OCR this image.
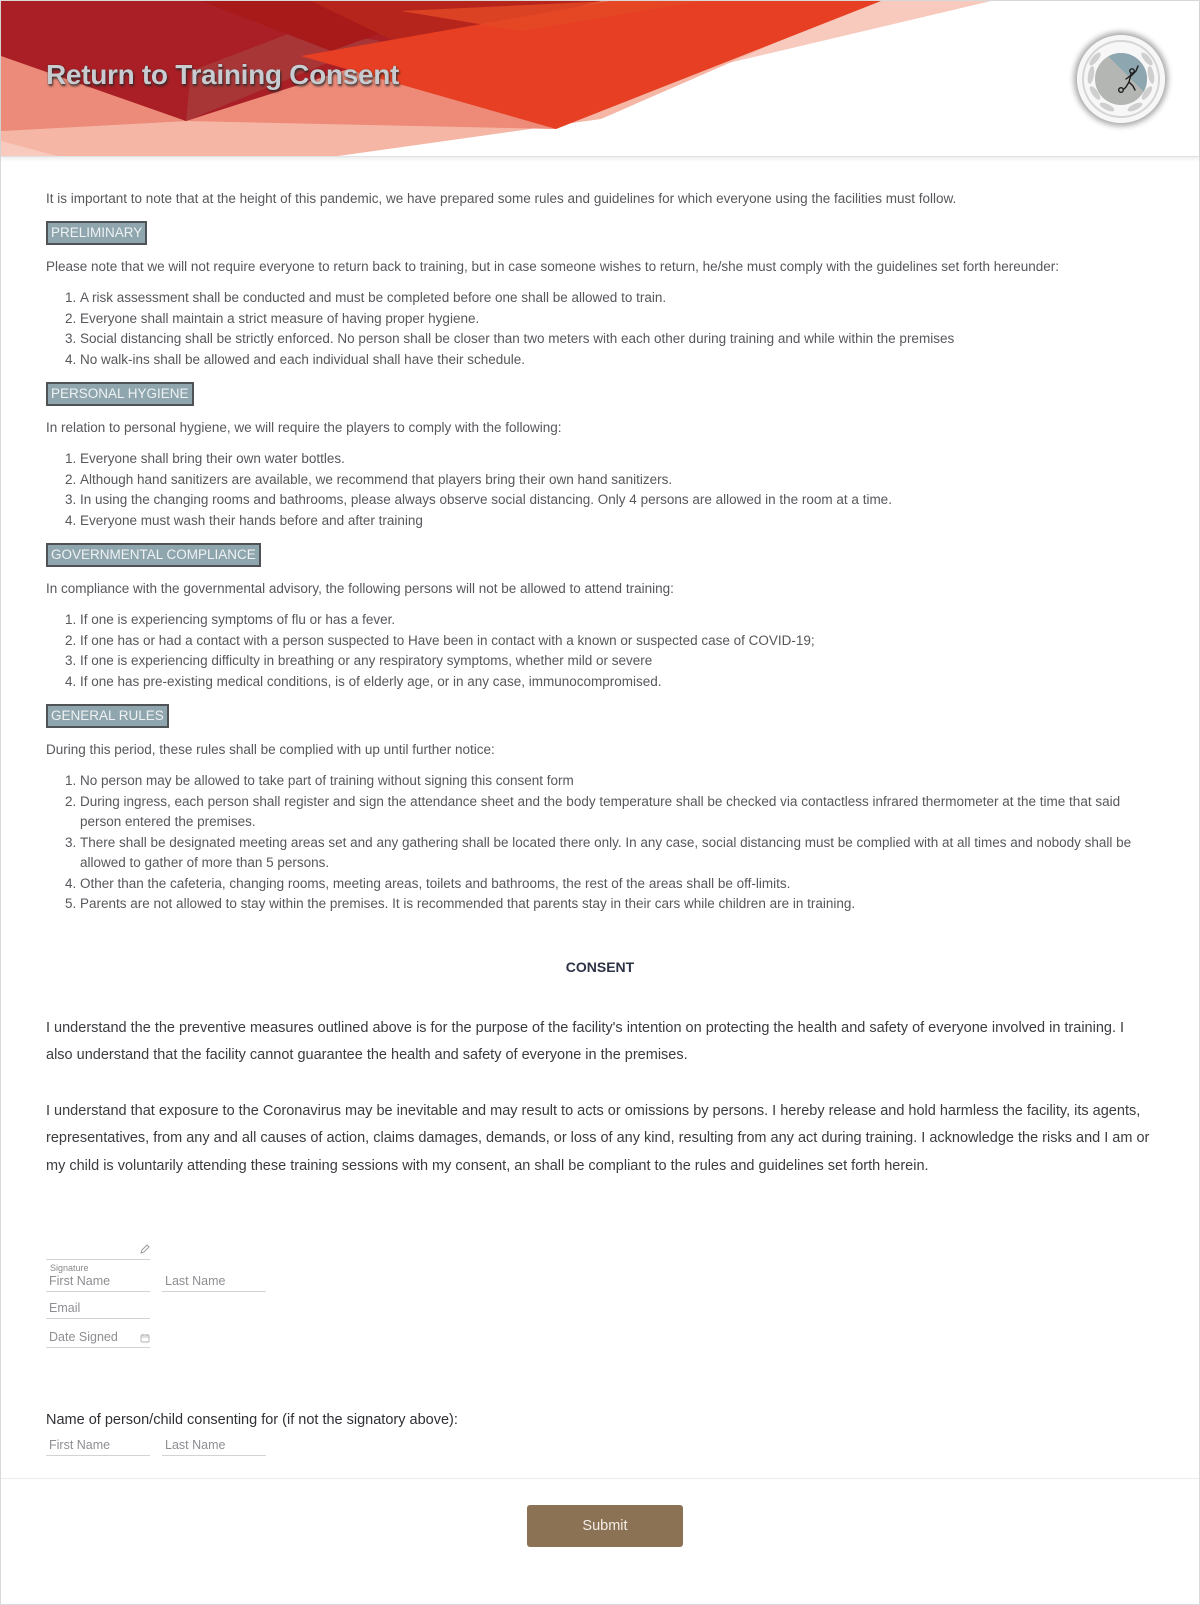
Return to Training Consent

It is important to note that at the height of this pandemic, we have prepared some rules and guidelines for which everyone using the facilities must follow.

PRELIMINARY

Please note that we will not require everyone to return back to training, but in case someone wishes to return, he/she must comply with the guidelines set forth hereunder:

1. A risk assessment shall be conducted and must be completed before one shall be allowed to train.
2. Everyone shall maintain a strict measure of having proper hygiene.
3. Social distancing shall be strictly enforced. No person shall be closer than two meters with each other during training and while within the premises
4. No walk-ins shall be allowed and each individual shall have their schedule.
PERSONAL HYGIENE

In relation to personal hygiene, we will require the players to comply with the following:

1. Everyone shall bring their own water bottles.
2. Although hand sanitizers are available, we recommend that players bring their own hand sanitizers.
3. In using the changing rooms and bathrooms, please always observe social distancing. Only 4 persons are allowed in the room at a time.
4. Everyone must wash their hands before and after training
GOVERNMENTAL COMPLIANCE

In compliance with the governmental advisory, the following persons will not be allowed to attend training:

1. If one is experiencing symptoms of flu or has a fever.
2. If one has or had a contact with a person suspected to Have been in contact with a known or suspected case of COVID-19;
3. If one is experiencing difficulty in breathing or any respiratory symptoms, whether mild or severe
4. If one has pre-existing medical conditions, is of elderly age, or in any case, immunocompromised.
GENERAL RULES

During this period, these rules shall be complied with up until further notice:

1. No person may be allowed to take part of training without signing this consent form
2. During ingress, each person shall register and sign the attendance sheet and the body temperature shall be checked via contactless infrared thermometer at the time that said person entered the premises.
3. There shall be designated meeting areas set and any gathering shall be located there only. In any case, social distancing must be complied with at all times and nobody shall be allowed to gather of more than 5 persons.
4. Other than the cafeteria, changing rooms, meeting areas, toilets and bathrooms, the rest of the areas shall be off-limits.
5. Parents are not allowed to stay within the premises. It is recommended that parents stay in their cars while children are in training.
CONSENT

I understand the the preventive measures outlined above is for the purpose of the facility's intention on protecting the health and safety of everyone involved in training. I also understand that the facility cannot guarantee the health and safety of everyone in the premises.

I understand that exposure to the Coronavirus may be inevitable and may result to acts or omissions by persons. I hereby release and hold harmless the facility, its agents, representatives, from any and all causes of action, claims damages, demands, or loss of any kind, resulting from any act during training. I acknowledge the risks and I am or my child is voluntarily attending these training sessions with my consent, an shall be compliant to the rules and guidelines set forth herein.

Signature
First Name
Last Name
Email
Date Signed
Name of person/child consenting for (if not the signatory above):
First Name
Last Name
Submit
